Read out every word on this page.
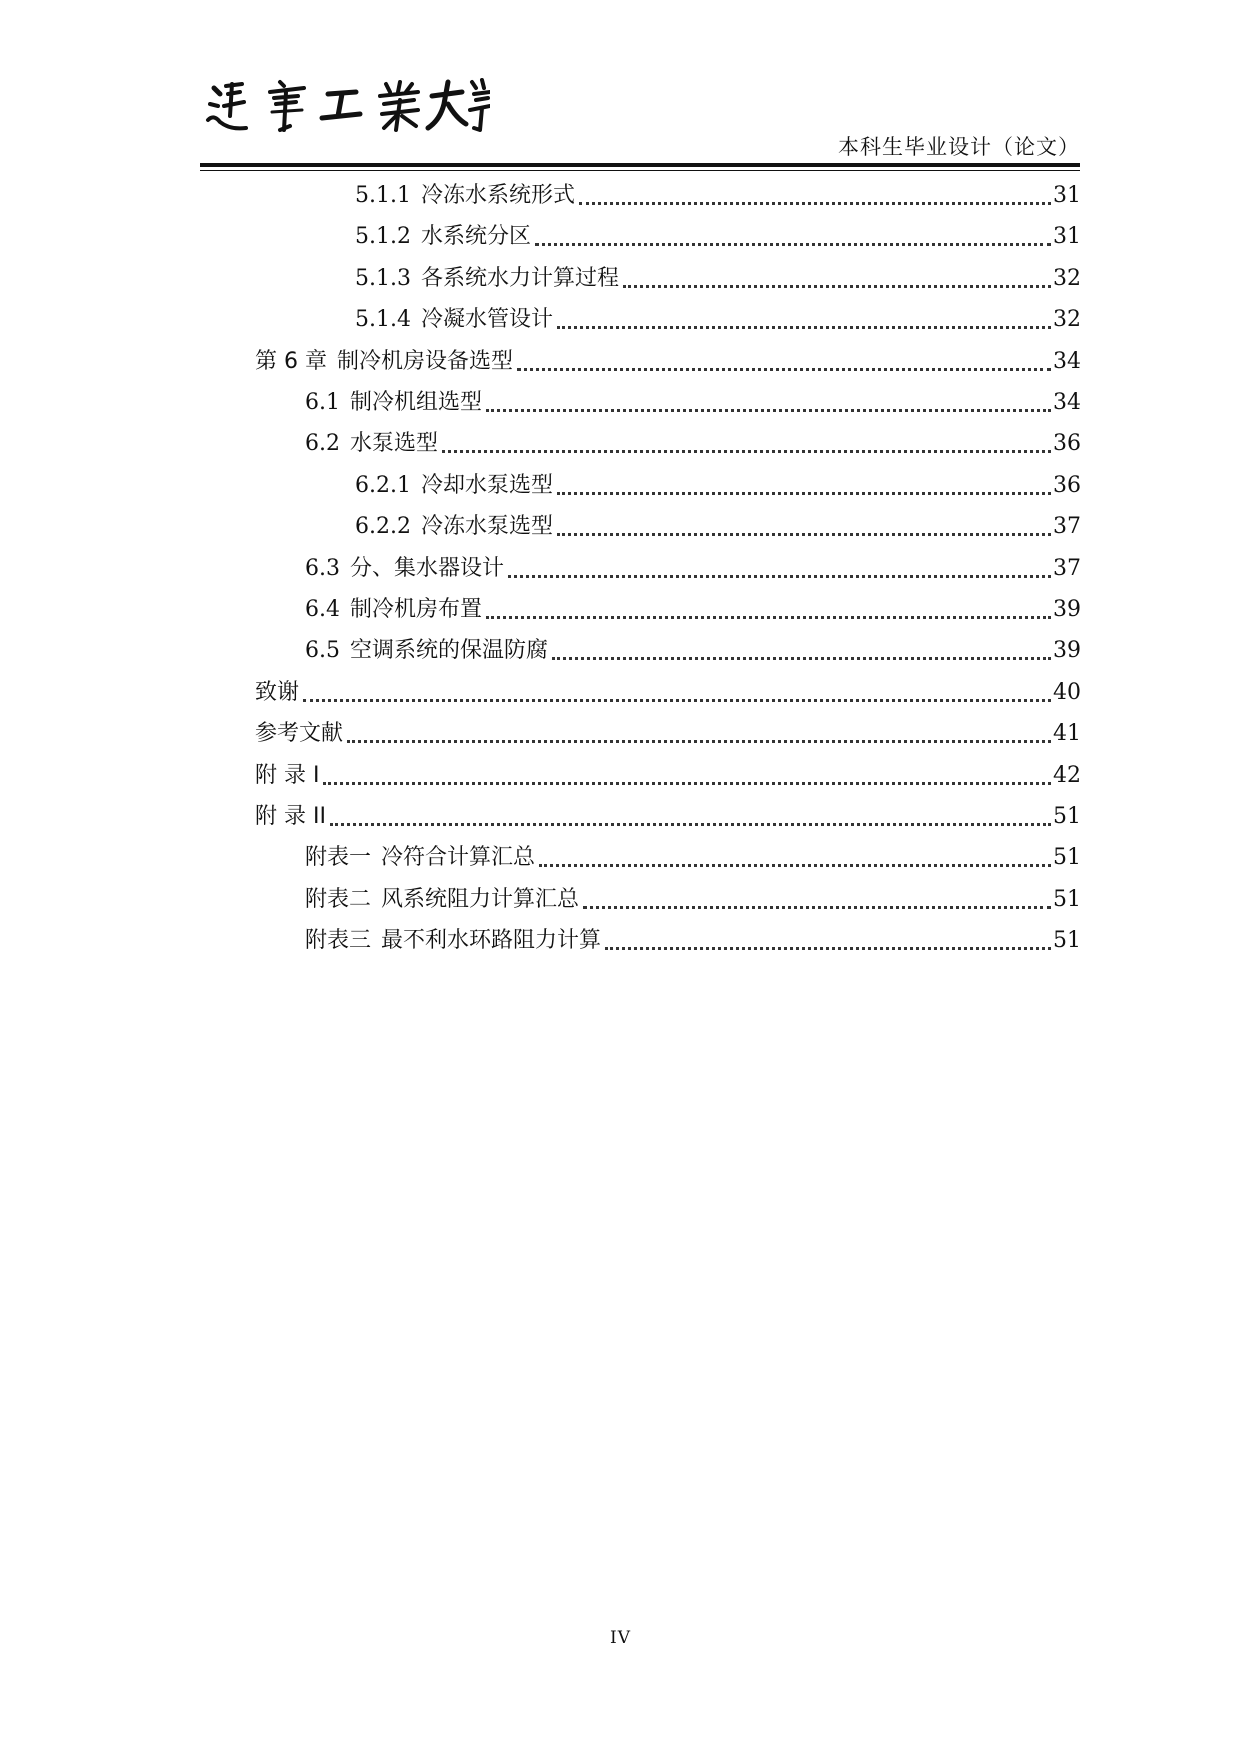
本科生毕业设计（论文）
5.1.1 冷冻水系统形式	31
5.1.2 水系统分区	31
5.1.3 各系统水力计算过程	32
5.1.4 冷凝水管设计	32
第 6 章 制冷机房设备选型	34
6.1 制冷机组选型	34
6.2 水泵选型	36
6.2.1 冷却水泵选型	36
6.2.2 冷冻水泵选型	37
6.3 分、集水器设计	37
6.4 制冷机房布置	39
6.5 空调系统的保温防腐	39
致谢	40
参考文献	41
附 录 I	42
附 录 II	51
附表一 冷符合计算汇总	51
附表二 风系统阻力计算汇总	51
附表三 最不利水环路阻力计算	51
IV
